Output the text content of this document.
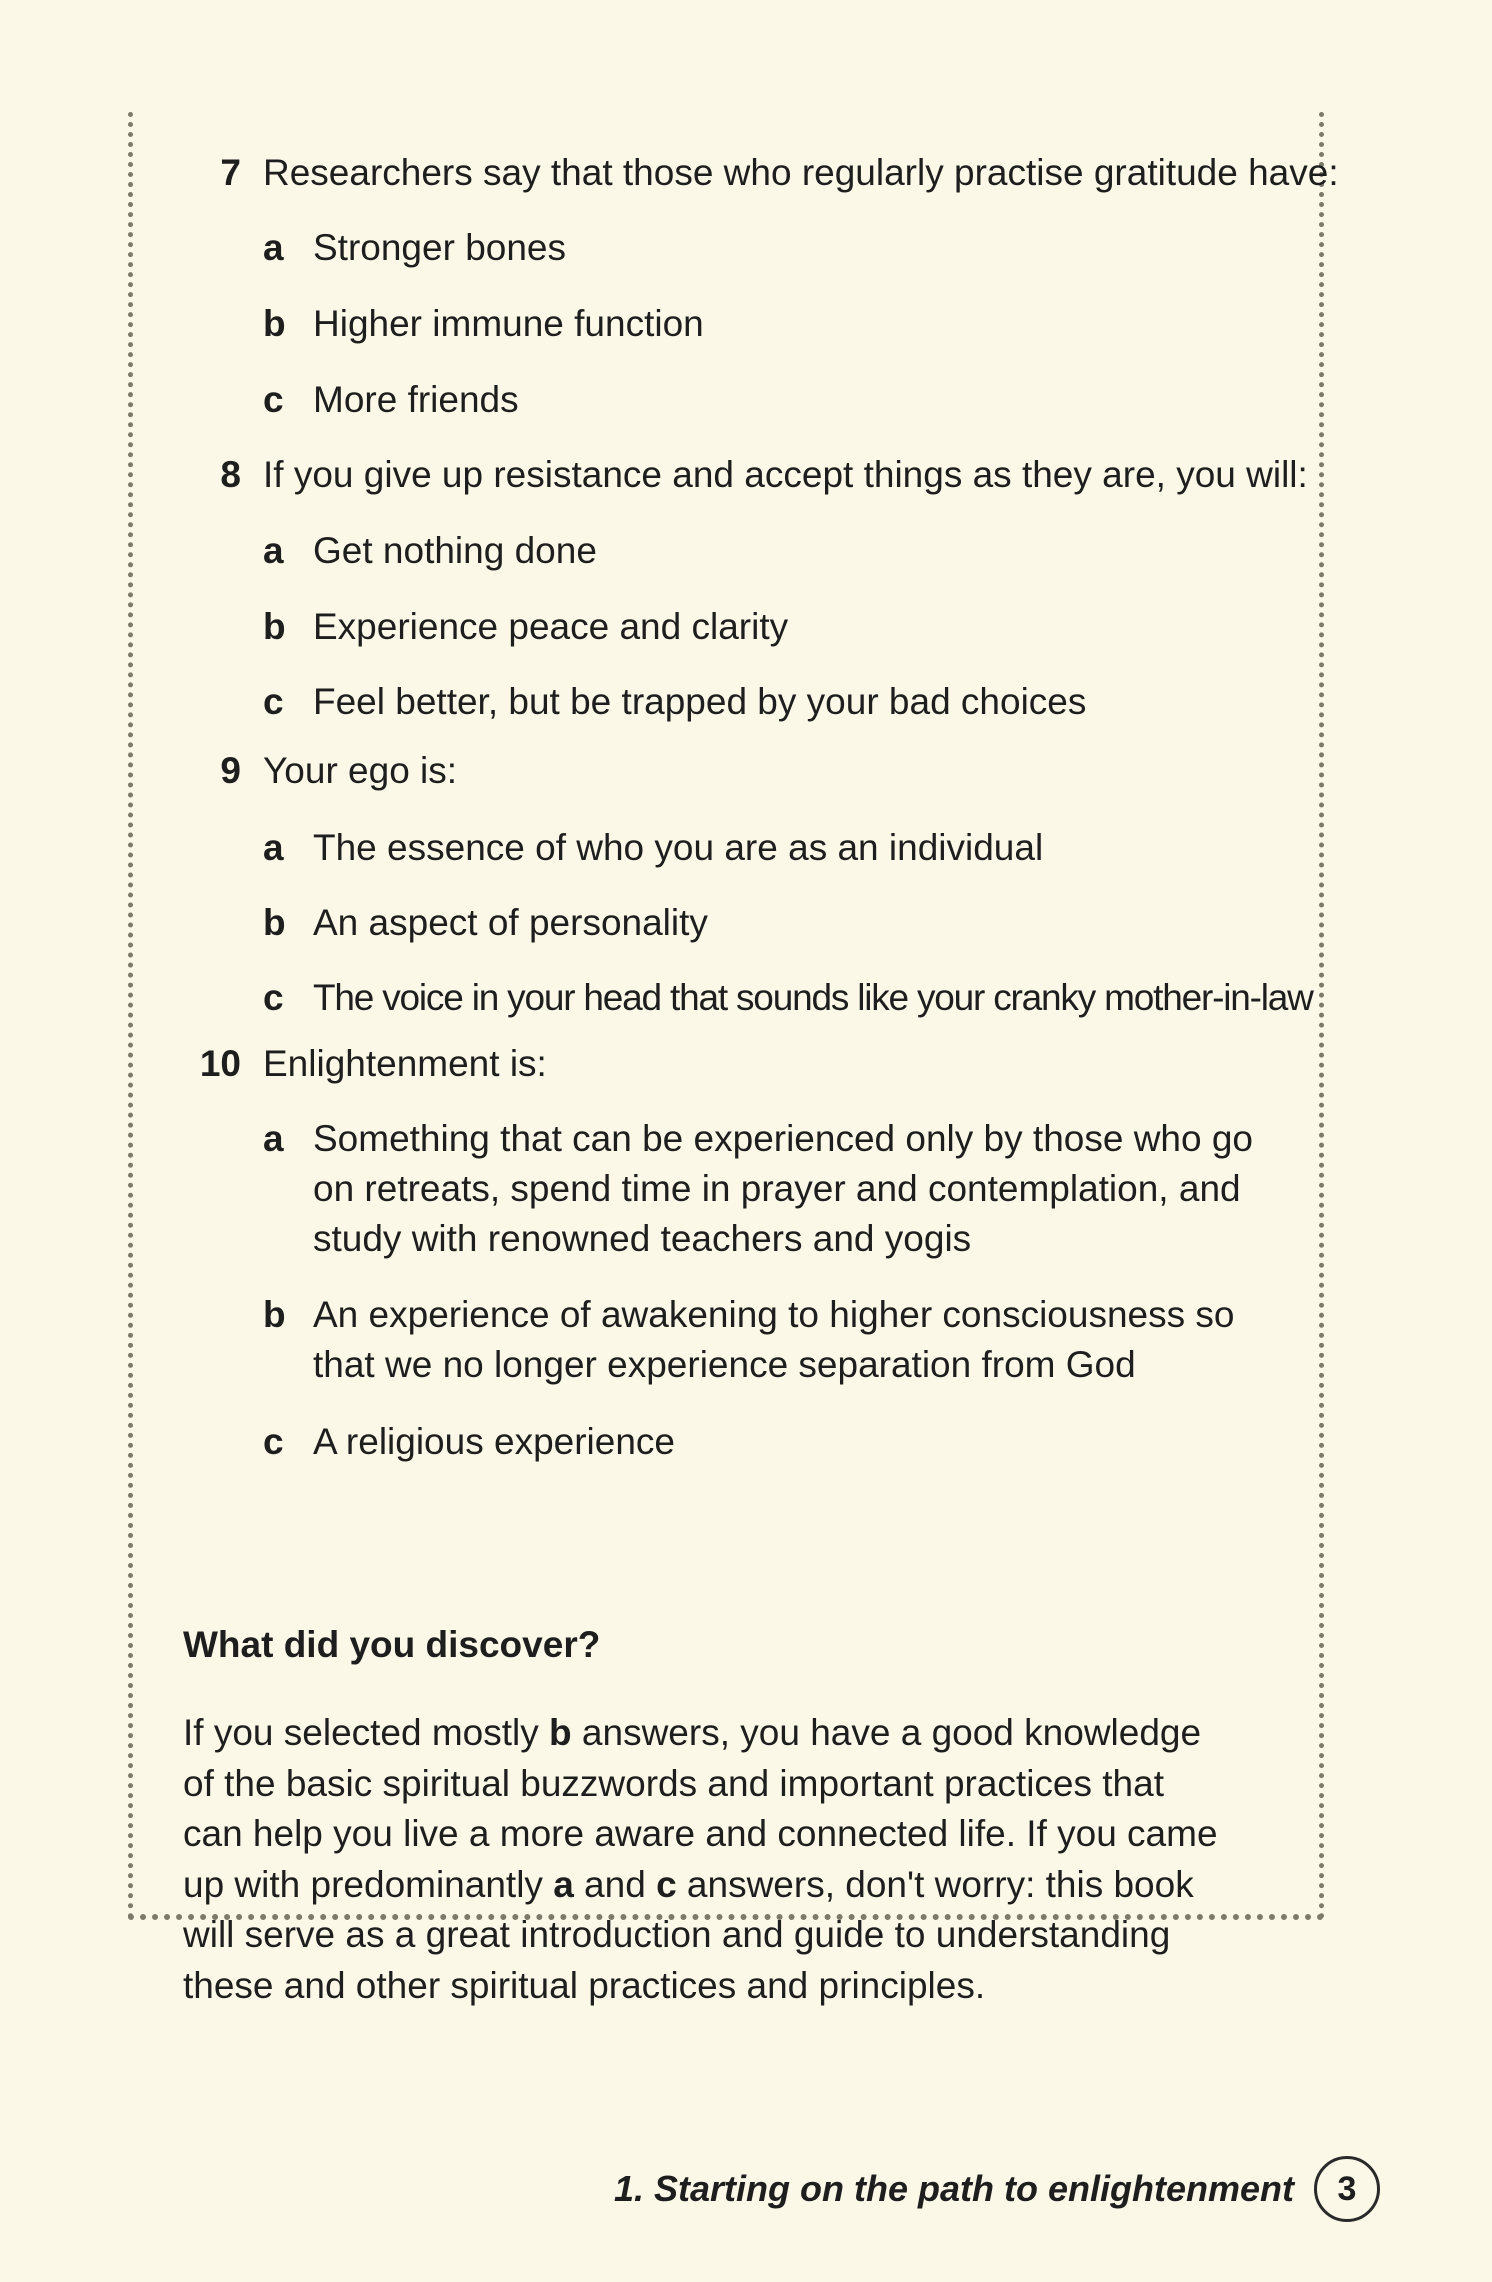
7 Researchers say that those who regularly practise gratitude have:
a Stronger bones
b Higher immune function
c More friends
8 If you give up resistance and accept things as they are, you will:
a Get nothing done
b Experience peace and clarity
c Feel better, but be trapped by your bad choices
9 Your ego is:
a The essence of who you are as an individual
b An aspect of personality
c The voice in your head that sounds like your cranky mother-in-law
10 Enlightenment is:
a Something that can be experienced only by those who go on retreats, spend time in prayer and contemplation, and study with renowned teachers and yogis
b An experience of awakening to higher consciousness so that we no longer experience separation from God
c A religious experience
What did you discover?
If you selected mostly b answers, you have a good knowledge of the basic spiritual buzzwords and important practices that can help you live a more aware and connected life. If you came up with predominantly a and c answers, don't worry: this book will serve as a great introduction and guide to understanding these and other spiritual practices and principles.
1. Starting on the path to enlightenment	3
